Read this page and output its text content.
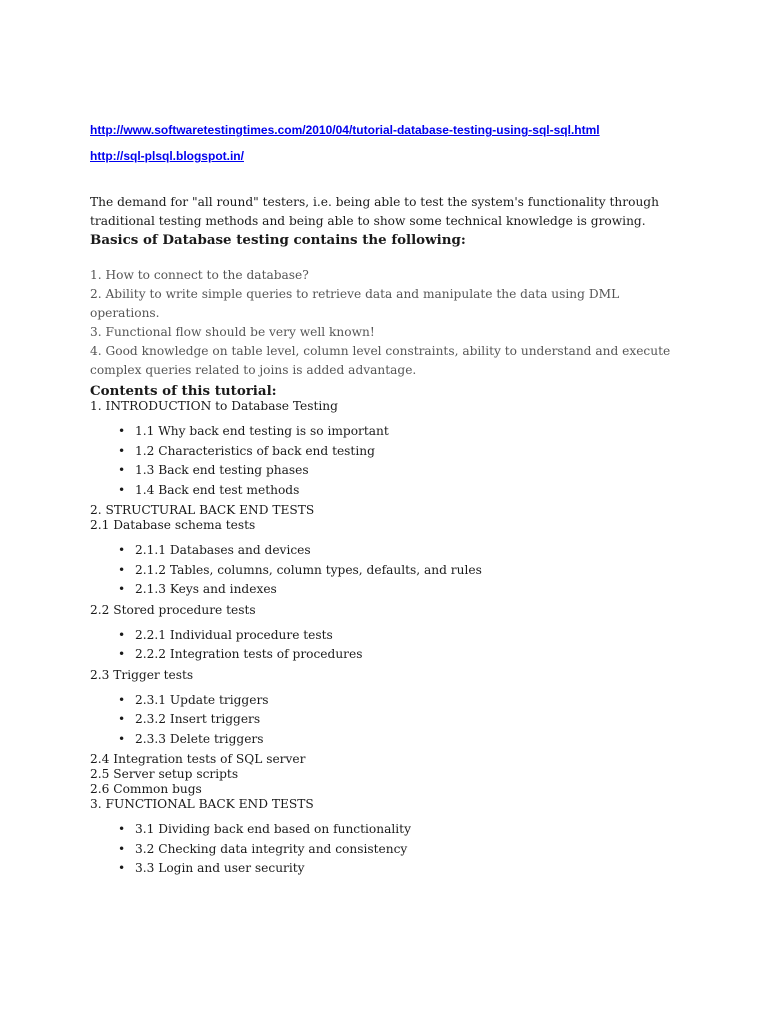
http://www.softwaretestingtimes.com/2010/04/tutorial-database-testing-using-sql-sql.html
http://sql-plsql.blogspot.in/

The demand for "all round" testers, i.e. being able to test the system's functionality through

traditional testing methods and being able to show some technical knowledge is growing.

Basics of Database testing contains the following:

1. How to connect to the database?

2. Ability to write simple queries to retrieve data and manipulate the data using DML operations.

3. Functional flow should be very well known!

4. Good knowledge on table level, column level constraints, ability to understand and execute

complex queries related to joins is added advantage.

Contents of this tutorial:

1. INTRODUCTION to Database Testing

• 1.1 Why back end testing is so important
• 1.2 Characteristics of back end testing
• 1.3 Back end testing phases
• 1.4 Back end test methods

2. STRUCTURAL BACK END TESTS

2.1 Database schema tests

• 2.1.1 Databases and devices
• 2.1.2 Tables, columns, column types, defaults, and rules
• 2.1.3 Keys and indexes

2.2 Stored procedure tests

• 2.2.1 Individual procedure tests
• 2.2.2 Integration tests of procedures

2.3 Trigger tests

• 2.3.1 Update triggers
• 2.3.2 Insert triggers
• 2.3.3 Delete triggers

2.4 Integration tests of SQL server

2.5 Server setup scripts

2.6 Common bugs

3. FUNCTIONAL BACK END TESTS

• 3.1 Dividing back end based on functionality
• 3.2 Checking data integrity and consistency
• 3.3 Login and user security
